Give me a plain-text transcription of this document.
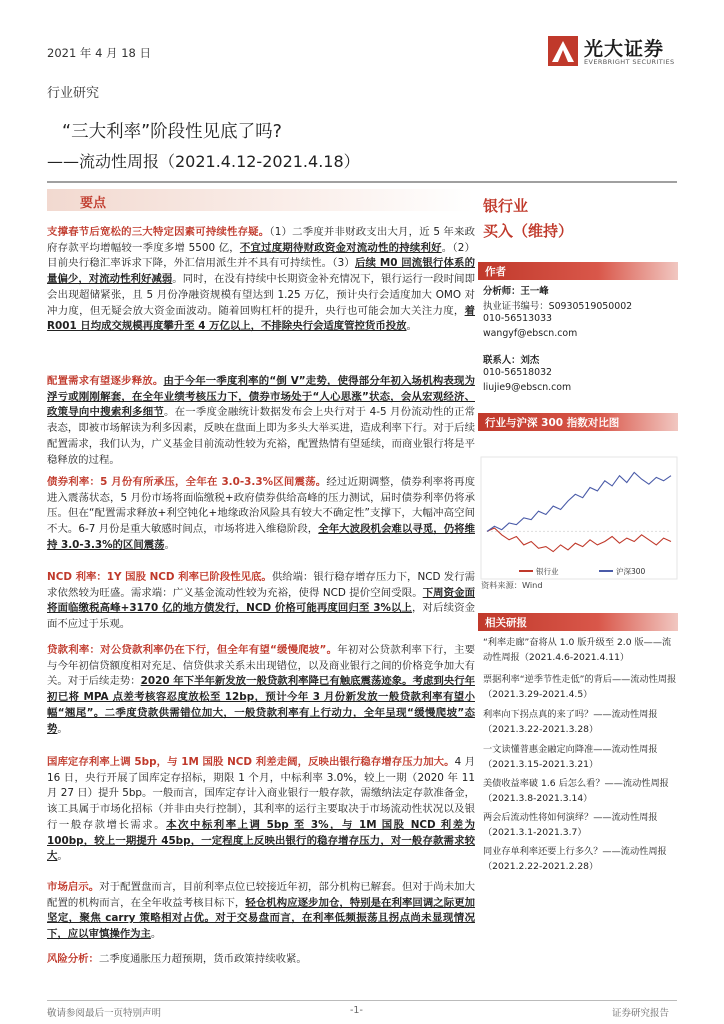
2021 年 4 月 18 日	光大证券
EVERBRIGHT SECURITIES
行业研究
“三大利率”阶段性见底了吗?
——流动性周报（2021.4.12-2021.4.18）
要点
支撑春节后宽松的三大特定因素可持续性存疑。（1）二季度并非财政支出大月，近 5 年来政府存款平均增幅较一季度多增 5500 亿，不宜过度期待财政资金对流动性的持续利好。（2）目前央行稳汇率诉求下降，外汇信用派生并不具有可持续性。（3）后续 M0 回流银行体系的量偏少，对流动性利好减弱。同时，在没有持续中长期资金补充情况下，银行运行一段时间即会出现超储紧张，且 5 月份净融资规模有望达到 1.25 万亿，预计央行会适度加大 OMO 对冲力度，但无疑会放大资金面波动。随着回购杠杆的提升，央行也可能会加大关注力度，着 R001 日均成交规模再度攀升至 4 万亿以上，不排除央行会适度管控货币投放。
配置需求有望逐步释放。由于今年一季度利率的“倒 V”走势，使得部分年初入场机构表现为浮亏或刚刚解套，在全年业绩考核压力下，债券市场处于“人心思涨”状态，会从宏观经济、政策导向中搜索利多细节。在一季度金融统计数据发布会上央行对于 4-5 月份流动性的正常表态，即被市场解读为利多因素，反映在盘面上即为多头大举买进，造成利率下行。对于后续配置需求，我们认为，广义基金目前流动性较为充裕，配置热情有望延续，而商业银行将是平稳释放的过程。
债券利率：5 月份有所承压，全年在 3.0-3.3%区间震荡。经过近期调整，债券利率将再度进入震荡状态，5 月份市场将面临缴税+政府债券供给高峰的压力测试，届时债券利率仍将承压。但在“配置需求释放+利空钝化+地缘政治风险具有较大不确定性”支撑下，大幅冲高空间不大。6-7 月份是重大敏感时间点，市场将进入维稳阶段，全年大波段机会难以寻觅，仍将维持 3.0-3.3%的区间震荡。
NCD 利率：1Y 国股 NCD 利率已阶段性见底。供给端：银行稳存增存压力下，NCD 发行需求依然较为旺盛。需求端：广义基金流动性较为充裕，使得 NCD 提价空间受限。下周资金面将面临缴税高峰+3170 亿的地方债发行，NCD 价格可能再度回归至 3%以上，对后续资金面不应过于乐观。
贷款利率：对公贷款利率仍在下行，但全年有望“缓慢爬坡”。年初对公贷款利率下行，主要与今年初信贷额度相对充足、信贷供求关系未出现错位，以及商业银行之间的价格竞争加大有关。对于后续走势：2020 年下半年新发放一般贷款利率降已有触底震荡迹象。考虑到央行年初已将 MPA 点差考核容忍度放松至 12bp，预计今年 3 月份新发放一般贷款利率有望小幅“翘尾”。二季度贷款供需错位加大，一般贷款利率有上行动力，全年呈现“缓慢爬坡”态势。
国库定存利率上调 5bp，与 1M 国股 NCD 利差走阔，反映出银行稳存增存压力加大。4 月 16 日，央行开展了国库定存招标，期限 1 个月，中标利率 3.0%，较上一期（2020 年 11 月 27 日）提升 5bp。一般而言，国库定存计入商业银行一般存款，需缴纳法定存款准备金，该工具属于市场化招标（并非由央行控制），其利率的运行主要取决于市场流动性状况以及银行一般存款增长需求。本次中标利率上调 5bp 至 3%，与 1M 国股 NCD 利差为 100bp，较上一期提升 45bp，一定程度上反映出银行的稳存增存压力，对一般存款需求较大。
市场启示。对于配置盘而言，目前利率点位已较接近年初，部分机构已解套。但对于尚未加大配置的机构而言，在全年收益考核目标下，轻仓机构应逐步加仓，特别是在利率回调之际更加坚定，聚焦 carry 策略相对占优。对于交易盘而言，在利率低频振荡且拐点尚未显现情况下，应以审慎操作为主。
风险分析：二季度通胀压力超预期，货币政策持续收紧。
银行业
买入（维持）
作者
分析师：王一峰
执业证书编号：S0930519050002
010-56513033
wangyf@ebscn.com
联系人：刘杰
010-56518032
liujie9@ebscn.com
行业与沪深 300 指数对比图
银行业	沪深300
资料来源：Wind
相关研报
“利率走廊”奋将从 1.0 版升级至 2.0 版——流动性周报（2021.4.6-2021.4.11）
票据利率“逆季节性走低”的背后——流动性周报（2021.3.29-2021.4.5）
利率向下拐点真的来了吗？——流动性周报（2021.3.22-2021.3.28）
一文读懂普惠金融定向降准——流动性周报（2021.3.15-2021.3.21）
美债收益率破 1.6 后怎么看？——流动性周报（2021.3.8-2021.3.14）
两会后流动性将如何演绎？——流动性周报（2021.3.1-2021.3.7）
同业存单利率还要上行多久？——流动性周报（2021.2.22-2021.2.28）
敬请参阅最后一页特别声明	-1-	证券研究报告
